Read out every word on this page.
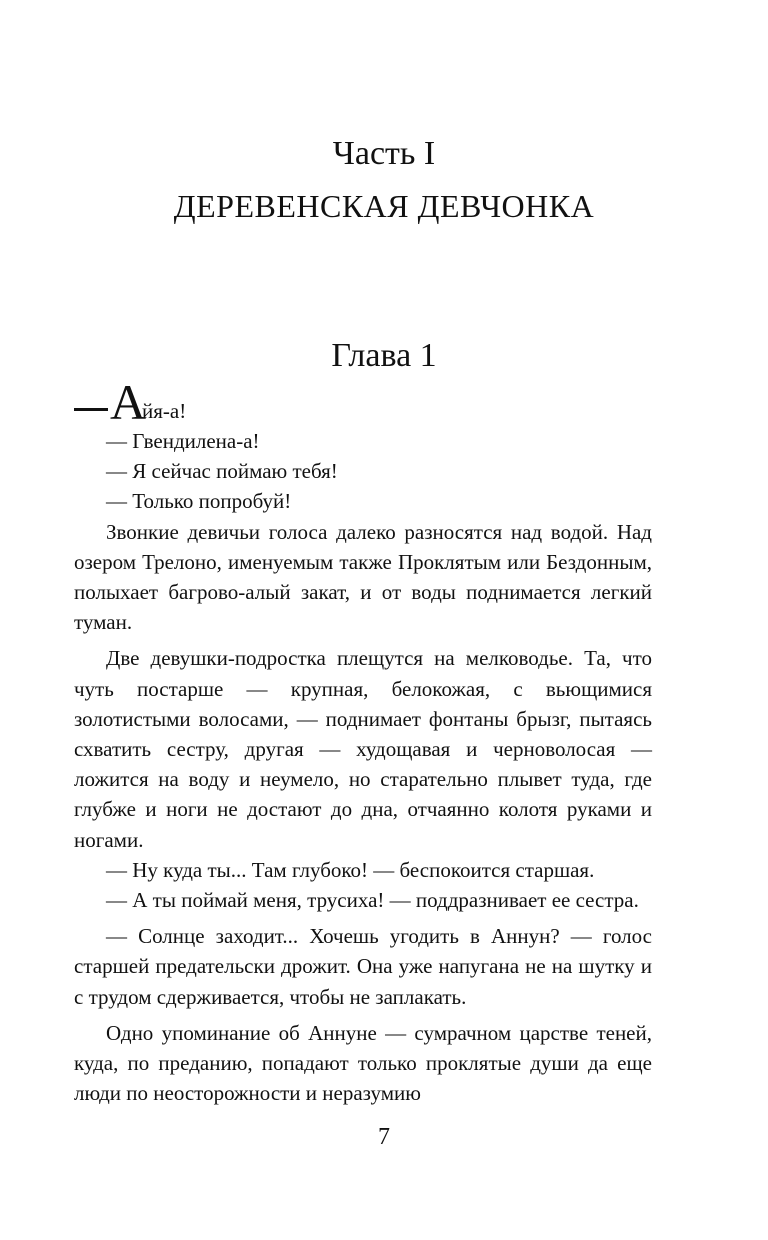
Часть I
ДЕРЕВЕНСКАЯ ДЕВЧОНКА
Глава 1
А
йя-а!

— Гвендилена-а!

— Я сейчас поймаю тебя!

— Только попробуй!

Звонкие девичьи голоса далеко разносятся над водой. Над озером Трелоно, именуемым также Проклятым или Бездонным, полыхает багрово-алый закат, и от воды поднимается легкий туман.

Две девушки-подростка плещутся на мелководье. Та, что чуть постарше — крупная, белокожая, с вьющимися золотистыми волосами, — поднимает фонтаны брызг, пытаясь схватить сестру, другая — худощавая и черноволосая — ложится на воду и неумело, но старательно плывет туда, где глубже и ноги не достают до дна, отчаянно колотя руками и ногами.

— Ну куда ты... Там глубоко! — беспокоится старшая.

— А ты поймай меня, трусиха! — поддразнивает ее сестра.

— Солнце заходит... Хочешь угодить в Аннун? — голос старшей предательски дрожит. Она уже напугана не на шутку и с трудом сдерживается, чтобы не заплакать.

Одно упоминание об Аннуне — сумрачном царстве теней, куда, по преданию, попадают только проклятые души да еще люди по неосторожности и неразумию

7
